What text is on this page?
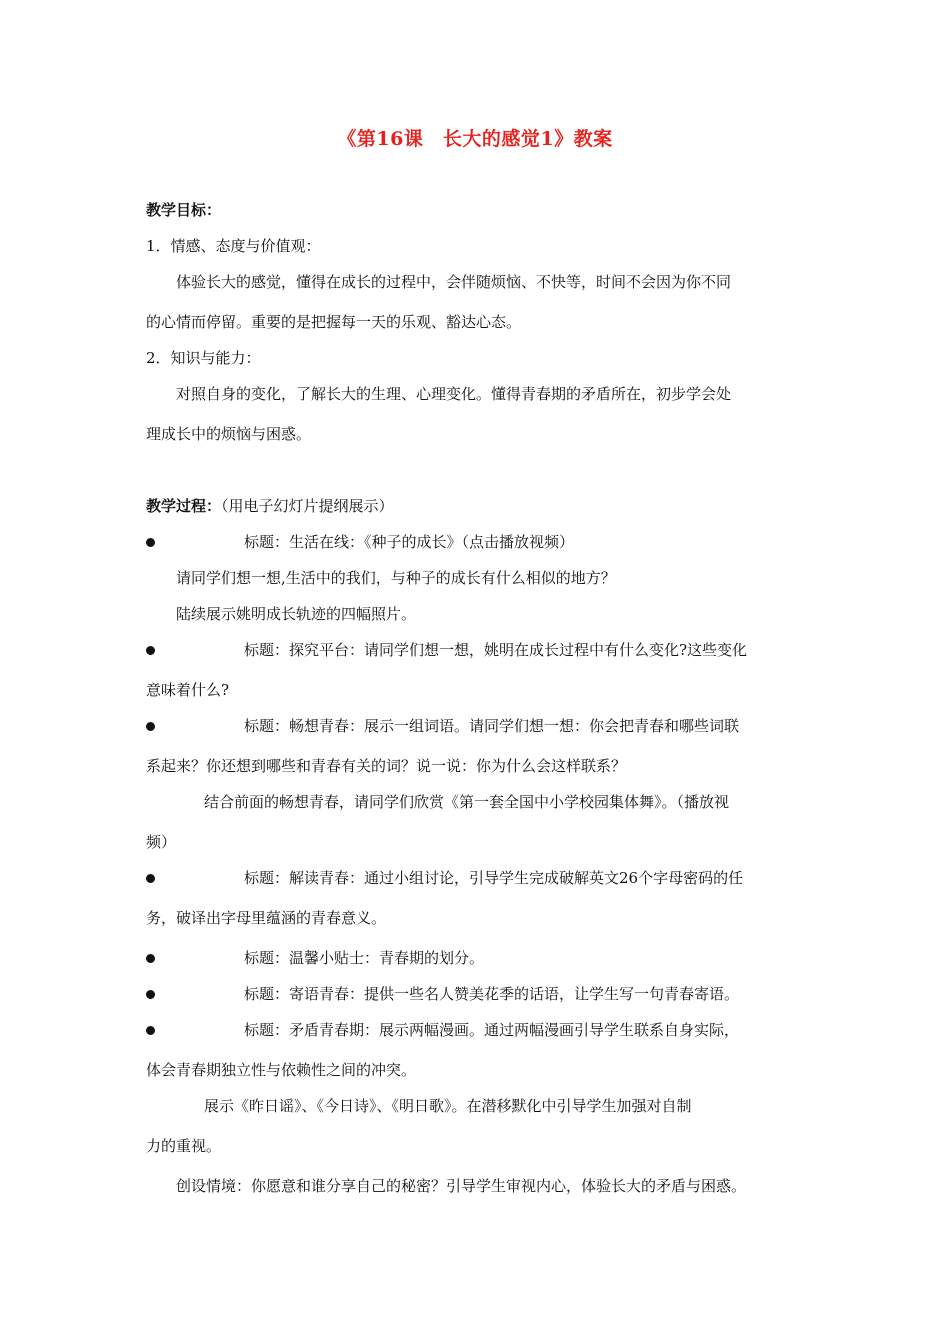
《第16课　长大的感觉1》教案
教学目标：
1．情感、态度与价值观：
体验长大的感觉，懂得在成长的过程中，会伴随烦恼、不快等，时间不会因为你不同
的心情而停留。重要的是把握每一天的乐观、豁达心态。
2．知识与能力：
对照自身的变化，了解长大的生理、心理变化。懂得青春期的矛盾所在，初步学会处
理成长中的烦恼与困惑。
教学过程：（用电子幻灯片提纲展示）
标题：生活在线：《种子的成长》（点击播放视频）
请同学们想一想,生活中的我们，与种子的成长有什么相似的地方？
陆续展示姚明成长轨迹的四幅照片。
标题：探究平台：请同学们想一想，姚明在成长过程中有什么变化?这些变化
意味着什么?
标题：畅想青春：展示一组词语。请同学们想一想：你会把青春和哪些词联
系起来？你还想到哪些和青春有关的词？说一说：你为什么会这样联系？
结合前面的畅想青春，请同学们欣赏《第一套全国中小学校园集体舞》。（播放视
频）
标题：解读青春：通过小组讨论，引导学生完成破解英文26个字母密码的任
务，破译出字母里蕴涵的青春意义。
标题：温馨小贴士：青春期的划分。
标题：寄语青春：提供一些名人赞美花季的话语，让学生写一句青春寄语。
标题：矛盾青春期：展示两幅漫画。通过两幅漫画引导学生联系自身实际，
体会青春期独立性与依赖性之间的冲突。
展示《昨日谣》、《今日诗》、《明日歌》。在潜移默化中引导学生加强对自制
力的重视。
创设情境：你愿意和谁分享自己的秘密？引导学生审视内心，体验长大的矛盾与困惑。
